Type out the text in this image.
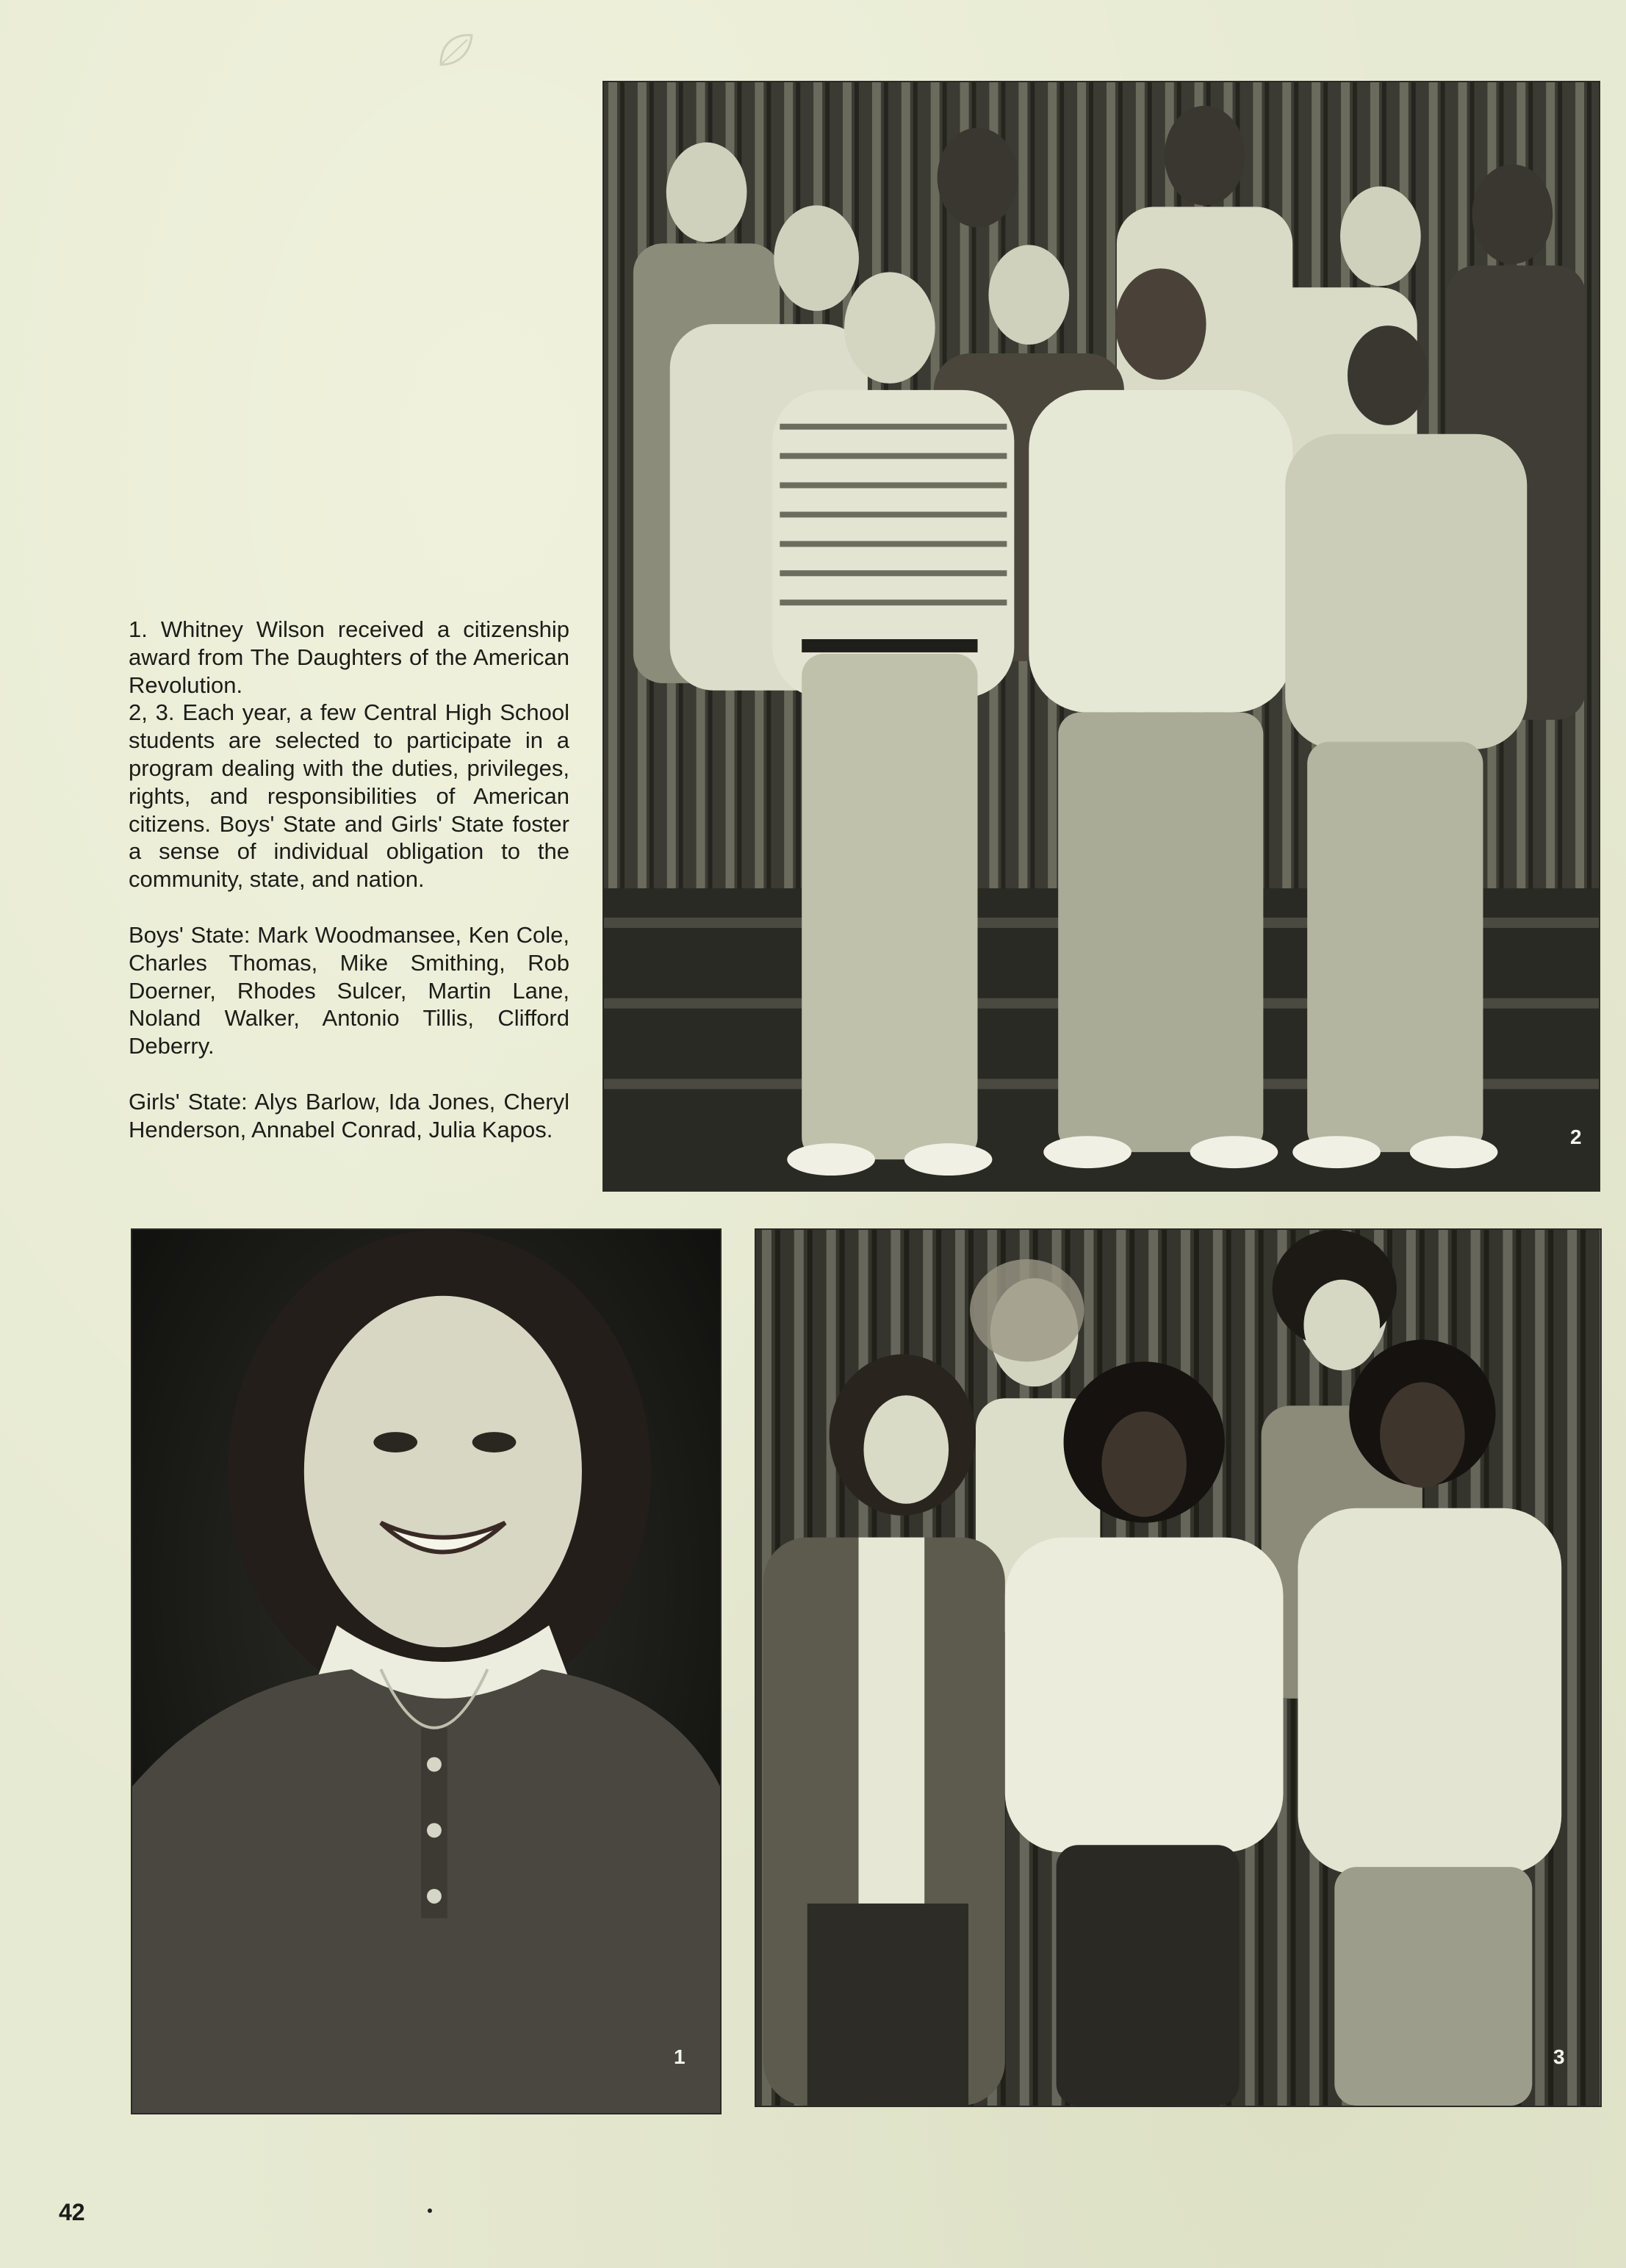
1. Whitney Wilson received a citizenship award from The Daughters of the American Revolution.

2, 3. Each year, a few Central High School students are selected to participate in a program dealing with the duties, privileges, rights, and responsibilities of American citizens. Boys' State and Girls' State foster a sense of individual obligation to the community, state, and nation.

Boys' State: Mark Woodmansee, Ken Cole, Charles Thomas, Mike Smithing, Rob Doerner, Rhodes Sulcer, Martin Lane, Noland Walker, Antonio Tillis, Clifford Deberry.

Girls' State: Alys Barlow, Ida Jones, Cheryl Henderson, Annabel Conrad, Julia Kapos.	2
1	3
42
